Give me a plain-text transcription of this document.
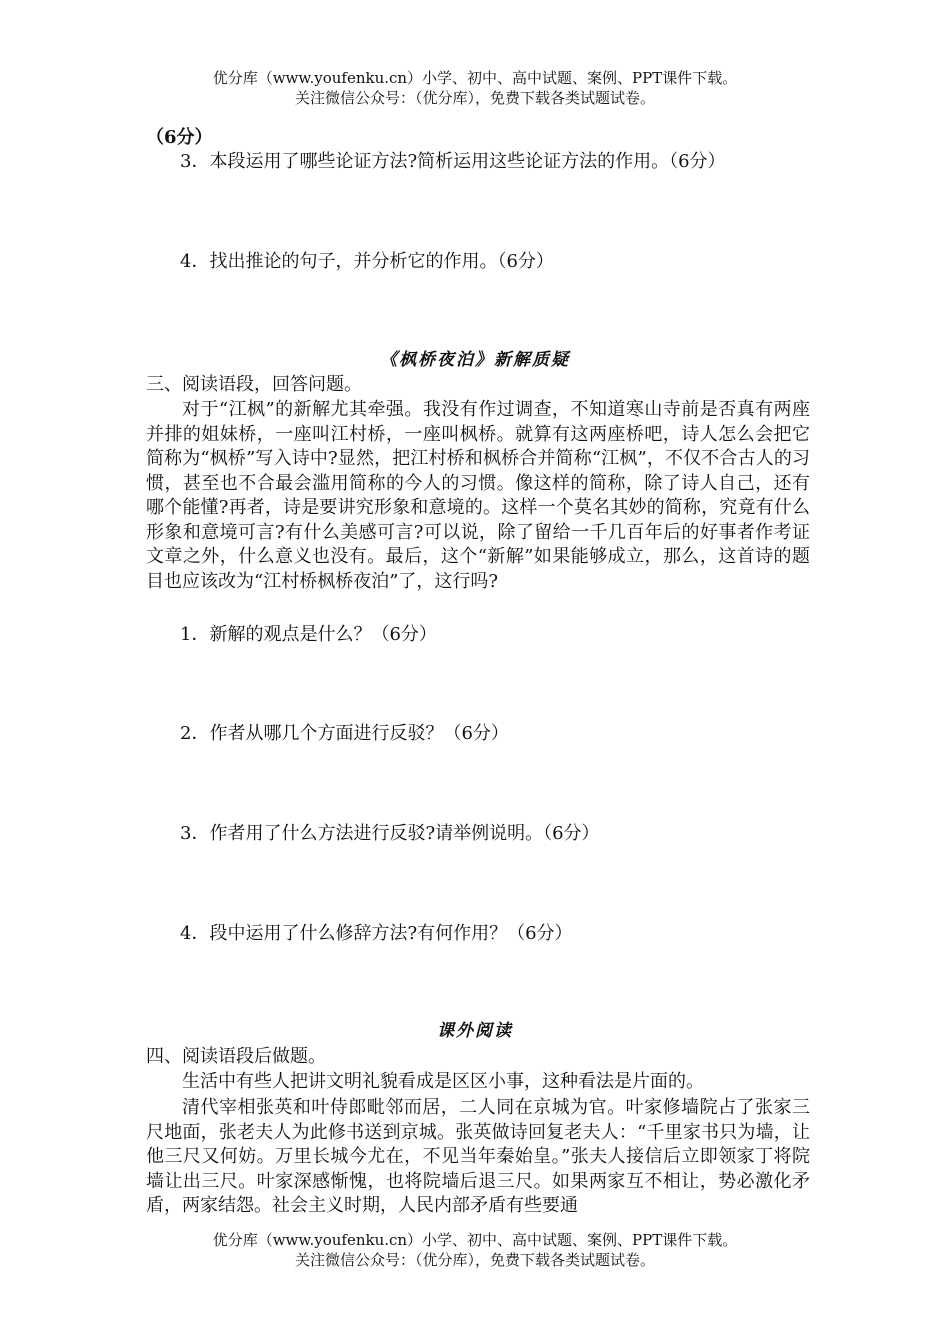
优分库（www.youfenku.cn）小学、初中、高中试题、案例、PPT课件下载。
关注微信公众号：（优分库），免费下载各类试题试卷。
（6分）
3．本段运用了哪些论证方法?简析运用这些论证方法的作用。（6分）
4．找出推论的句子，并分析它的作用。（6分）
《枫桥夜泊》新解质疑
三、阅读语段，回答问题。
对于“江枫”的新解尤其牵强。我没有作过调查，不知道寒山寺前是否真有两座并排的姐妹桥，一座叫江村桥，一座叫枫桥。就算有这两座桥吧，诗人怎么会把它简称为“枫桥”写入诗中?显然，把江村桥和枫桥合并简称“江枫”，不仅不合古人的习惯，甚至也不合最会滥用简称的今人的习惯。像这样的简称，除了诗人自己，还有哪个能懂?再者，诗是要讲究形象和意境的。这样一个莫名其妙的简称，究竟有什么形象和意境可言?有什么美感可言?可以说，除了留给一千几百年后的好事者作考证文章之外，什么意义也没有。最后，这个“新解”如果能够成立，那么，这首诗的题目也应该改为“江村桥枫桥夜泊”了，这行吗?
1．新解的观点是什么？（6分）
2．作者从哪几个方面进行反驳？（6分）
3．作者用了什么方法进行反驳?请举例说明。（6分）
4．段中运用了什么修辞方法?有何作用？（6分）
课外阅读
四、阅读语段后做题。
生活中有些人把讲文明礼貌看成是区区小事，这种看法是片面的。
清代宰相张英和叶侍郎毗邻而居，二人同在京城为官。叶家修墙院占了张家三尺地面，张老夫人为此修书送到京城。张英做诗回复老夫人：“千里家书只为墙，让他三尺又何妨。万里长城今尤在，不见当年秦始皇。”张夫人接信后立即领家丁将院墙让出三尺。叶家深感惭愧，也将院墙后退三尺。如果两家互不相让，势必激化矛盾，两家结怨。社会主义时期，人民内部矛盾有些要通
优分库（www.youfenku.cn）小学、初中、高中试题、案例、PPT课件下载。
关注微信公众号：（优分库），免费下载各类试题试卷。
